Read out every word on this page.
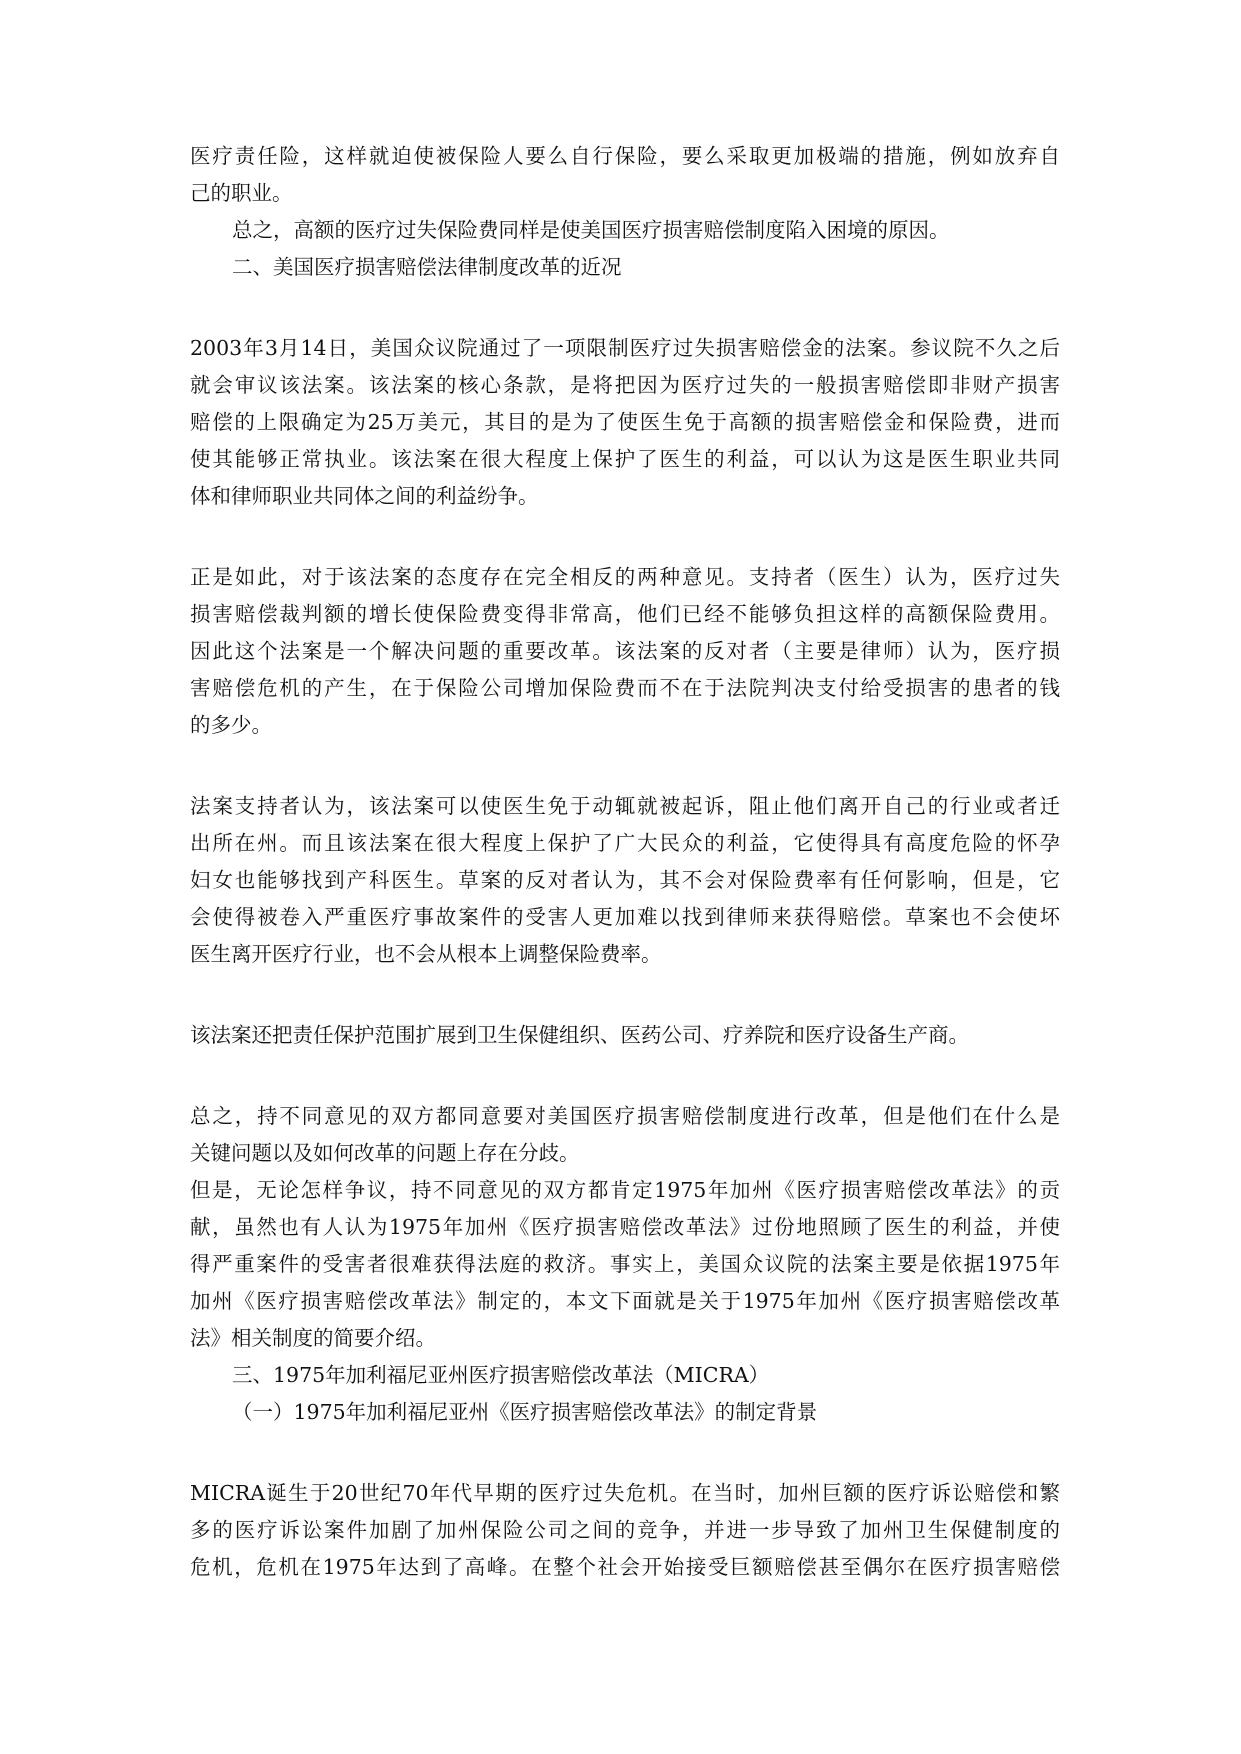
医疗责任险，这样就迫使被保险人要么自行保险，要么采取更加极端的措施，例如放弃自
己的职业。
总之，高额的医疗过失保险费同样是使美国医疗损害赔偿制度陷入困境的原因。
二、美国医疗损害赔偿法律制度改革的近况
2003年3月14日，美国众议院通过了一项限制医疗过失损害赔偿金的法案。参议院不久之后
就会审议该法案。该法案的核心条款，是将把因为医疗过失的一般损害赔偿即非财产损害
赔偿的上限确定为25万美元，其目的是为了使医生免于高额的损害赔偿金和保险费，进而
使其能够正常执业。该法案在很大程度上保护了医生的利益，可以认为这是医生职业共同
体和律师职业共同体之间的利益纷争。
正是如此，对于该法案的态度存在完全相反的两种意见。支持者（医生）认为，医疗过失
损害赔偿裁判额的增长使保险费变得非常高，他们已经不能够负担这样的高额保险费用。
因此这个法案是一个解决问题的重要改革。该法案的反对者（主要是律师）认为，医疗损
害赔偿危机的产生，在于保险公司增加保险费而不在于法院判决支付给受损害的患者的钱
的多少。
法案支持者认为，该法案可以使医生免于动辄就被起诉，阻止他们离开自己的行业或者迁
出所在州。而且该法案在很大程度上保护了广大民众的利益，它使得具有高度危险的怀孕
妇女也能够找到产科医生。草案的反对者认为，其不会对保险费率有任何影响，但是，它
会使得被卷入严重医疗事故案件的受害人更加难以找到律师来获得赔偿。草案也不会使坏
医生离开医疗行业，也不会从根本上调整保险费率。
该法案还把责任保护范围扩展到卫生保健组织、医药公司、疗养院和医疗设备生产商。
总之，持不同意见的双方都同意要对美国医疗损害赔偿制度进行改革，但是他们在什么是
关键问题以及如何改革的问题上存在分歧。
但是，无论怎样争议，持不同意见的双方都肯定1975年加州《医疗损害赔偿改革法》的贡
献，虽然也有人认为1975年加州《医疗损害赔偿改革法》过份地照顾了医生的利益，并使
得严重案件的受害者很难获得法庭的救济。事实上，美国众议院的法案主要是依据1975年
加州《医疗损害赔偿改革法》制定的，本文下面就是关于1975年加州《医疗损害赔偿改革
法》相关制度的简要介绍。
三、1975年加利福尼亚州医疗损害赔偿改革法（MICRA）
（一）1975年加利福尼亚州《医疗损害赔偿改革法》的制定背景
MICRA诞生于20世纪70年代早期的医疗过失危机。在当时，加州巨额的医疗诉讼赔偿和繁
多的医疗诉讼案件加剧了加州保险公司之间的竞争，并进一步导致了加州卫生保健制度的
危机，危机在1975年达到了高峰。在整个社会开始接受巨额赔偿甚至偶尔在医疗损害赔偿
